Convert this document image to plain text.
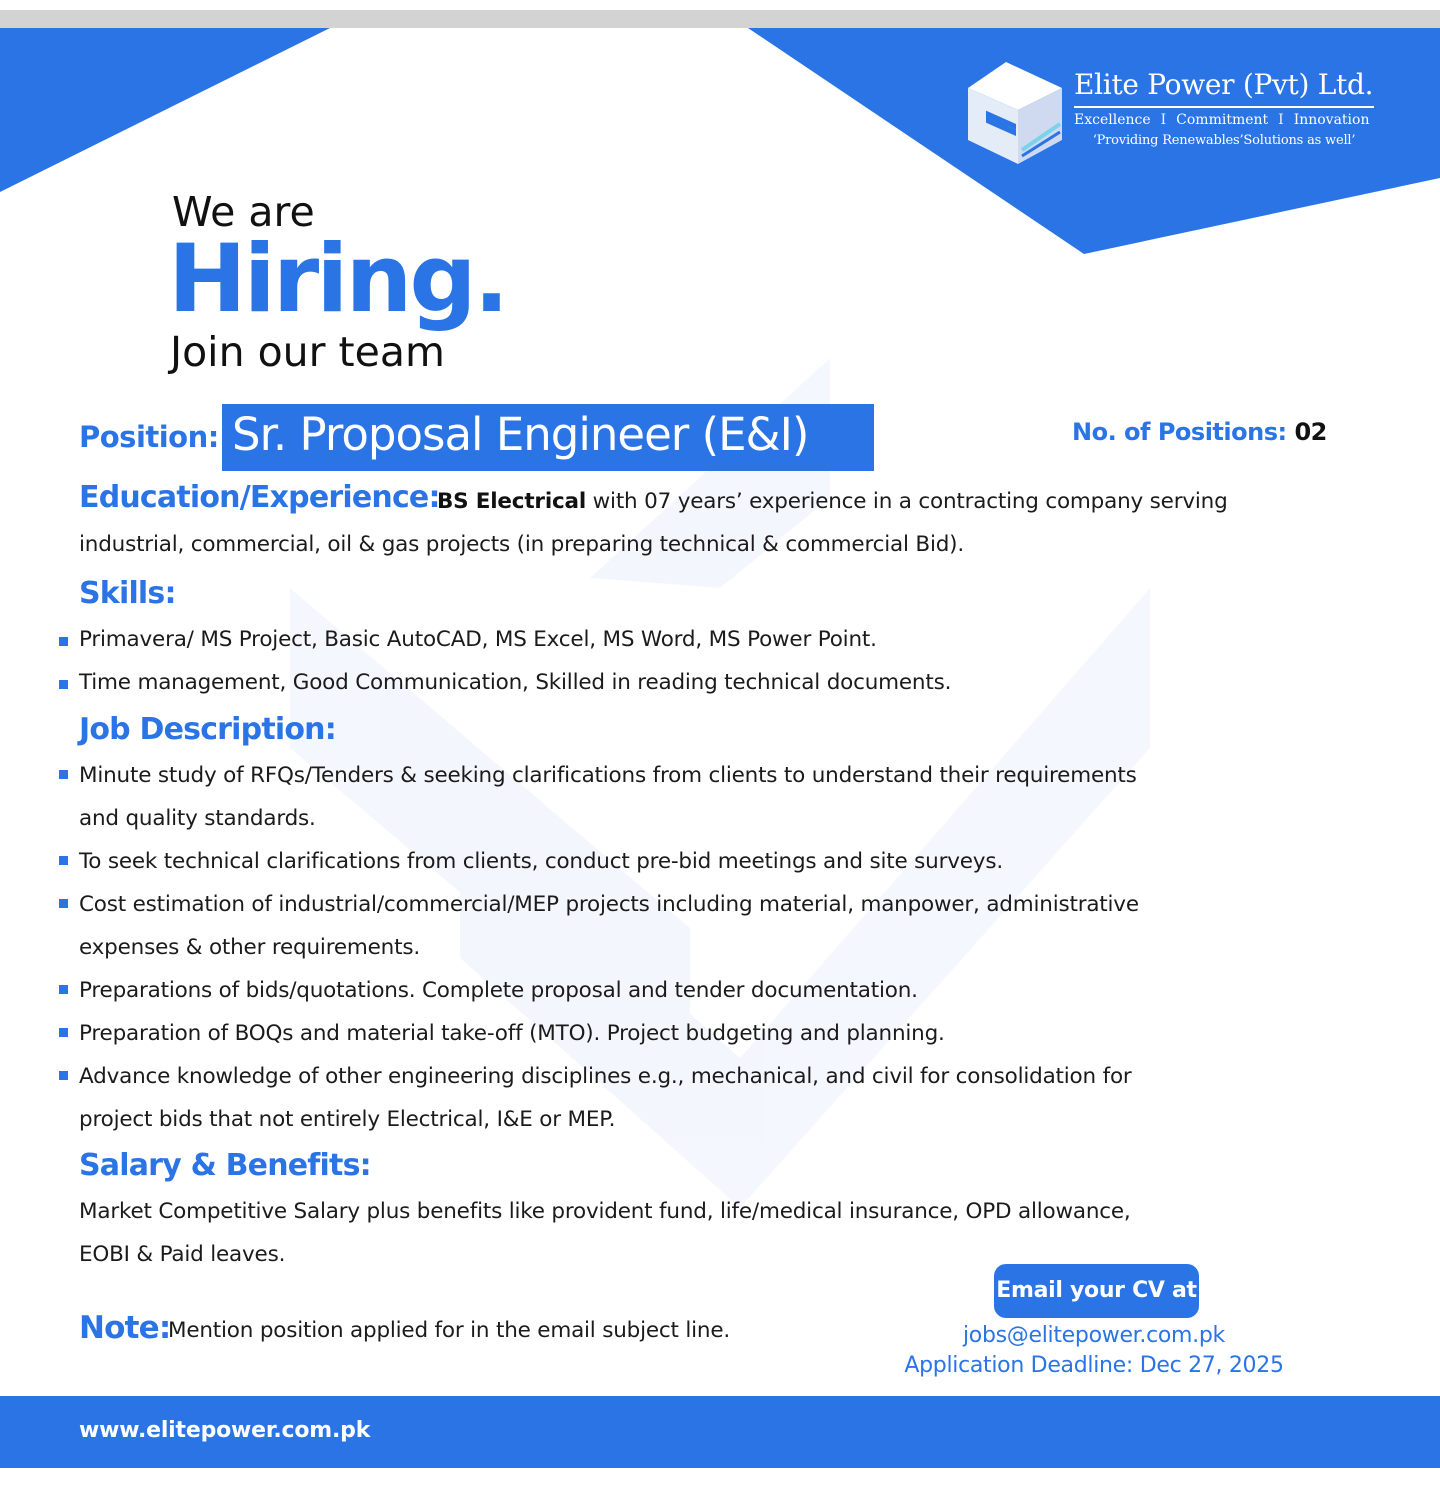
Elite Power (Pvt) Ltd.
Excellence I Commitment I Innovation
‘Providing Renewables’Solutions as well’
We are
Hiring.
Join our team
Position: Sr. Proposal Engineer (E&I)	No. of Positions: 02
Education/Experience:
BS Electrical with 07 years’ experience in a contracting company serving
industrial, commercial, oil & gas projects (in preparing technical & commercial Bid).
Skills:
Primavera/ MS Project, Basic AutoCAD, MS Excel, MS Word, MS Power Point.
Time management, Good Communication, Skilled in reading technical documents.
Job Description:
Minute study of RFQs/Tenders & seeking clarifications from clients to understand their requirements
and quality standards.
To seek technical clarifications from clients, conduct pre-bid meetings and site surveys.
Cost estimation of industrial/commercial/MEP projects including material, manpower, administrative
expenses & other requirements.
Preparations of bids/quotations. Complete proposal and tender documentation.
Preparation of BOQs and material take-off (MTO). Project budgeting and planning.
Advance knowledge of other engineering disciplines e.g., mechanical, and civil for consolidation for
project bids that not entirely Electrical, I&E or MEP.
Salary & Benefits:
Market Competitive Salary plus benefits like provident fund, life/medical insurance, OPD allowance,
EOBI & Paid leaves.
Note:
Mention position applied for in the email subject line.
Email your CV at
jobs@elitepower.com.pk
Application Deadline: Dec 27, 2025
www.elitepower.com.pk
